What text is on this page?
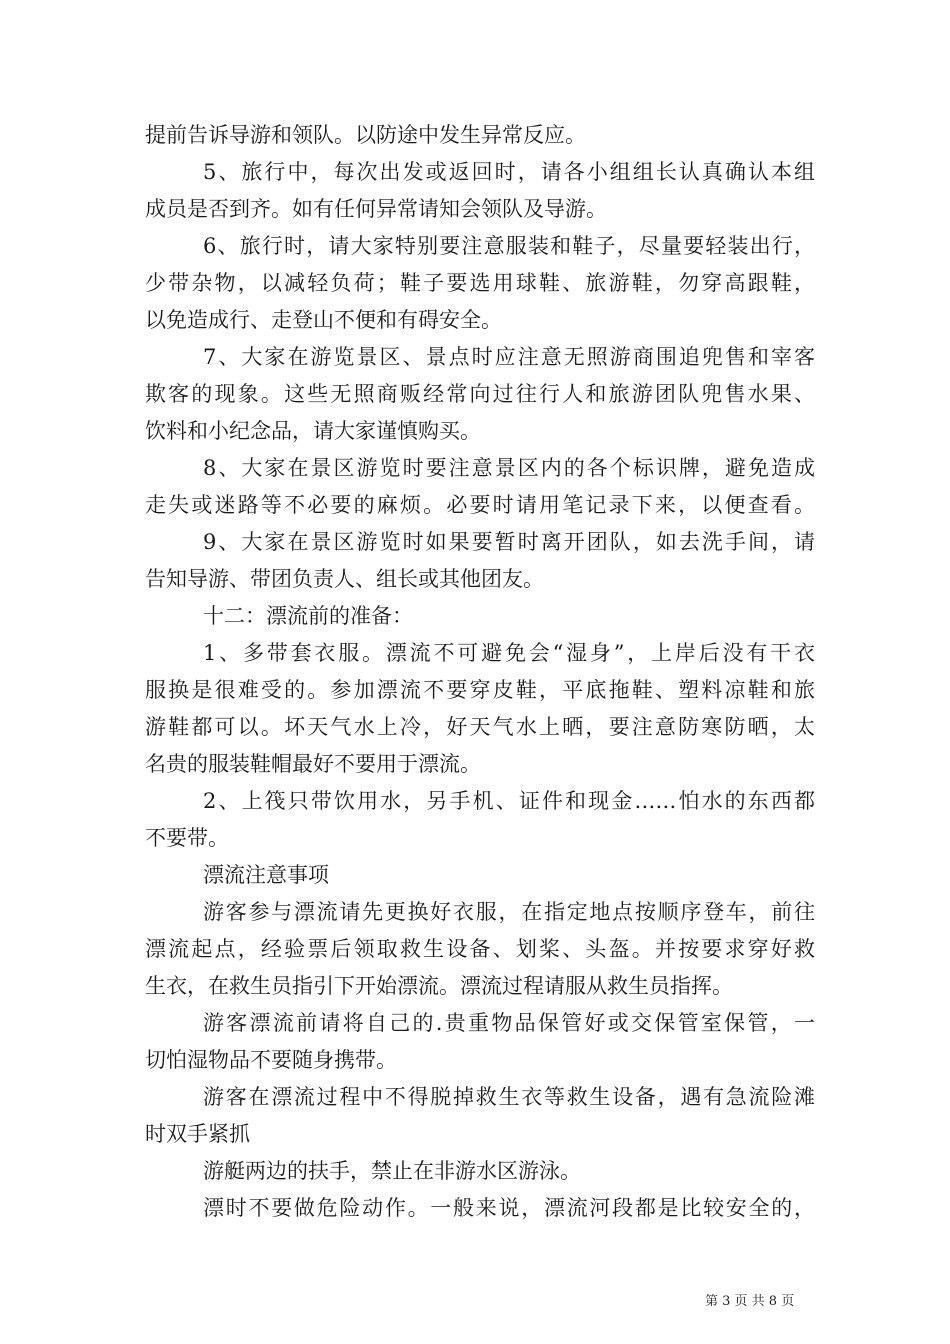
提前告诉导游和领队。以防途中发生异常反应。
5、旅行中，每次出发或返回时，请各小组组长认真确认本组
成员是否到齐。如有任何异常请知会领队及导游。
6、旅行时，请大家特别要注意服装和鞋子，尽量要轻装出行，
少带杂物，以减轻负荷；鞋子要选用球鞋、旅游鞋，勿穿高跟鞋，
以免造成行、走登山不便和有碍安全。
7、大家在游览景区、景点时应注意无照游商围追兜售和宰客
欺客的现象。这些无照商贩经常向过往行人和旅游团队兜售水果、
饮料和小纪念品，请大家谨慎购买。
8、大家在景区游览时要注意景区内的各个标识牌，避免造成
走失或迷路等不必要的麻烦。必要时请用笔记录下来，以便查看。
9、大家在景区游览时如果要暂时离开团队，如去洗手间，请
告知导游、带团负责人、组长或其他团友。
十二：漂流前的准备：
1、多带套衣服。漂流不可避免会“湿身”，上岸后没有干衣
服换是很难受的。参加漂流不要穿皮鞋，平底拖鞋、塑料凉鞋和旅
游鞋都可以。坏天气水上冷，好天气水上晒，要注意防寒防晒，太
名贵的服装鞋帽最好不要用于漂流。
2、上筏只带饮用水，另手机、证件和现金……怕水的东西都
不要带。
漂流注意事项
游客参与漂流请先更换好衣服，在指定地点按顺序登车，前往
漂流起点，经验票后领取救生设备、划桨、头盔。并按要求穿好救
生衣，在救生员指引下开始漂流。漂流过程请服从救生员指挥。
游客漂流前请将自己的.贵重物品保管好或交保管室保管，一
切怕湿物品不要随身携带。
游客在漂流过程中不得脱掉救生衣等救生设备，遇有急流险滩
时双手紧抓
游艇两边的扶手，禁止在非游水区游泳。
漂时不要做危险动作。一般来说，漂流河段都是比较安全的，
第 3 页 共 8 页
